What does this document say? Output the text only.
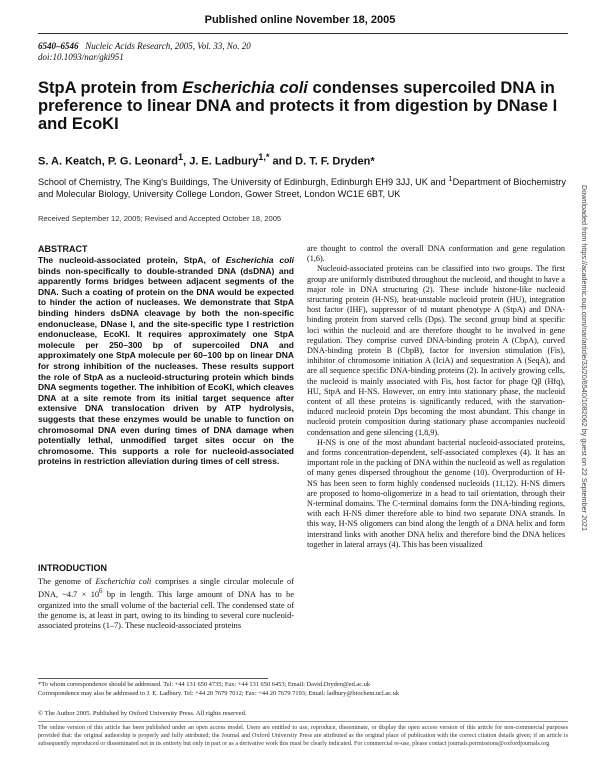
Published online November 18, 2005
6540–6546 Nucleic Acids Research, 2005, Vol. 33, No. 20
doi:10.1093/nar/gki951
StpA protein from Escherichia coli condenses supercoiled DNA in preference to linear DNA and protects it from digestion by DNase I and EcoKI
S. A. Keatch, P. G. Leonard$^1$, J. E. Ladbury$^{1,*}$ and D. T. F. Dryden*
School of Chemistry, The King's Buildings, The University of Edinburgh, Edinburgh EH9 3JJ, UK and $^1$Department of Biochemistry and Molecular Biology, University College London, Gower Street, London WC1E 6BT, UK
Received September 12, 2005; Revised and Accepted October 18, 2005	Downloaded from https://academic.oup.com/nar/article/33/20/6540/1082062 by guest on 22 September 2021
ABSTRACT
The nucleoid-associated protein, StpA, of Escherichia coli binds non-specifically to double-stranded DNA (dsDNA) and apparently forms bridges between adjacent segments of the DNA. Such a coating of protein on the DNA would be expected to hinder the action of nucleases. We demonstrate that StpA binding hinders dsDNA cleavage by both the non-specific endonuclease, DNase I, and the site-specific type I restriction endonuclease, EcoKI. It requires approximately one StpA molecule per 250–300 bp of supercoiled DNA and approximately one StpA molecule per 60–100 bp on linear DNA for strong inhibition of the nucleases. These results support the role of StpA as a nucleoid-structuring protein which binds DNA segments together. The inhibition of EcoKI, which cleaves DNA at a site remote from its initial target sequence after extensive DNA translocation driven by ATP hydrolysis, suggests that these enzymes would be unable to function on chromosomal DNA even during times of DNA damage when potentially lethal, unmodified target sites occur on the chromosome. This supports a role for nucleoid-associated proteins in restriction alleviation during times of cell stress.
INTRODUCTION
The genome of Escherichia coli comprises a single circular molecule of DNA, ~4.7 × $10^6$ bp in length. This large amount of DNA has to be organized into the small volume of the bacterial cell. The condensed state of the genome is, at least in part, owing to its binding to several core nucleoid-associated proteins (1–7). These nucleoid-associated proteins

are thought to control the overall DNA conformation and gene regulation (1,6).

Nucleoid-associated proteins can be classified into two groups. The first group are uniformly distributed throughout the nucleoid, and thought to have a major role in DNA structuring (2). These include histone-like nucleoid structuring protein (H-NS), heat-unstable nucleoid protein (HU), integration host factor (IHF), suppressor of td mutant phenotype A (StpA) and DNA-binding protein from starved cells (Dps). The second group bind at specific loci within the nucleoid and are therefore thought to be involved in gene regulation. They comprise curved DNA-binding protein A (CbpA), curved DNA-binding protein B (CbpB), factor for inversion stimulation (Fis), inhibitor of chromosome initiation A (IciA) and sequestration A (SeqA), and are all sequence specific DNA-binding proteins (2). In actively growing cells, the nucleoid is mainly associated with Fis, host factor for phage Qβ (Hfq), HU, StpA and H-NS. However, on entry into stationary phase, the nucleoid content of all these proteins is significantly reduced, with the starvation-induced nucleoid protein Dps becoming the most abundant. This change in nucleoid protein composition during stationary phase accompanies nucleoid condensation and gene silencing (1,8,9).

H-NS is one of the most abundant bacterial nucleoid-associated proteins, and forms concentration-dependent, self-associated complexes (4). It has an important role in the packing of DNA within the nucleoid as well as regulation of many genes dispersed throughout the genome (10). Overproduction of H-NS has been seen to form highly condensed nucleoids (11,12). H-NS dimers are proposed to homo-oligomerize in a head to tail orientation, through their N-terminal domains. The C-terminal domains form the DNA-binding regions, with each H-NS dimer therefore able to bind two separate DNA strands. In this way, H-NS oligomers can bind along the length of a DNA helix and form interstrand links with another DNA helix and therefore bind the DNA helices together in lateral arrays (4). This has been visualized

*To whom correspondence should be addressed. Tel: +44 131 650 4735; Fax: +44 131 650 6453; Email: David.Dryden@ed.ac.uk
Correspondence may also be addressed to J. E. Ladbury. Tel: +44 20 7679 7012; Fax: +44 20 7679 7193; Email: ladbury@biochem.ucl.ac.uk
© The Author 2005. Published by Oxford University Press. All rights reserved.
The online version of this article has been published under an open access model. Users are entitled to use, reproduce, disseminate, or display the open access version of this article for non-commercial purposes provided that: the original authorship is properly and fully attributed; the Journal and Oxford University Press are attributed as the original place of publication with the correct citation details given; if an article is subsequently reproduced or disseminated not in its entirety but only in part or as a derivative work this must be clearly indicated. For commercial re-use, please contact journals.permissions@oxfordjournals.org
